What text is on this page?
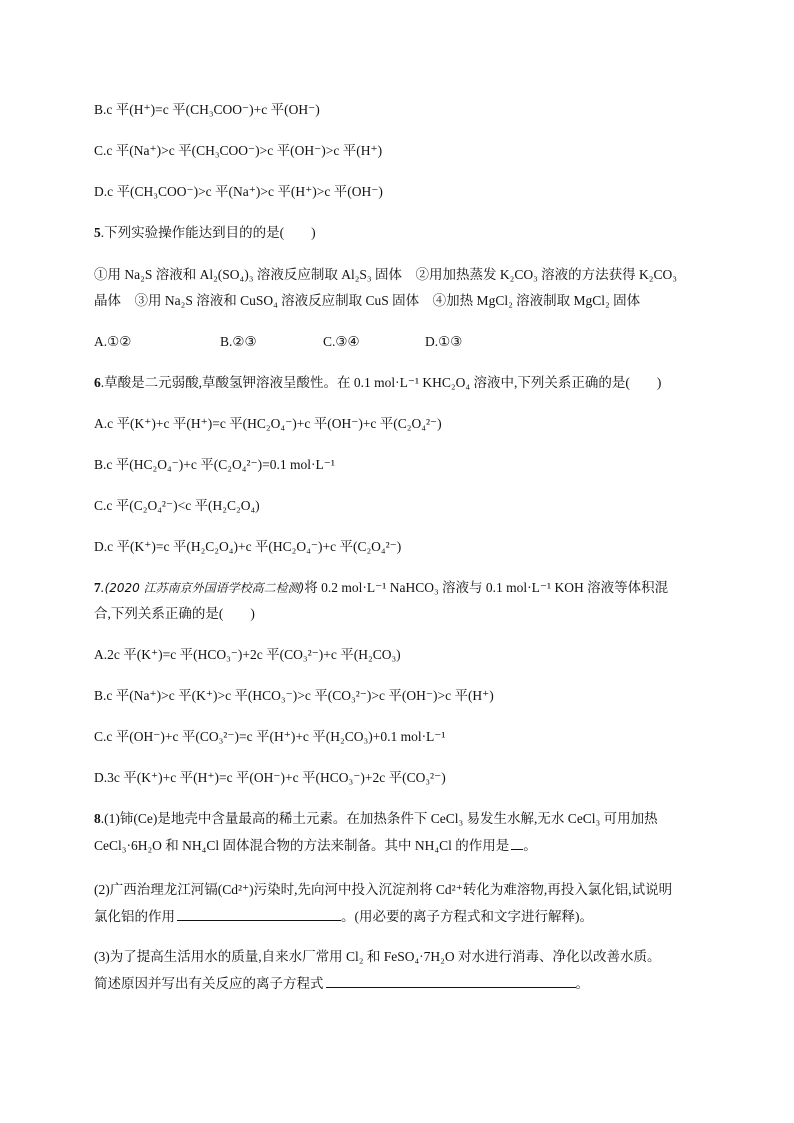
B.c 平(H⁺)=c 平(CH₃COO⁻)+c 平(OH⁻)
C.c 平(Na⁺)>c 平(CH₃COO⁻)>c 平(OH⁻)>c 平(H⁺)
D.c 平(CH₃COO⁻)>c 平(Na⁺)>c 平(H⁺)>c 平(OH⁻)
5.下列实验操作能达到目的的是(　　)
①用 Na₂S 溶液和 Al₂(SO₄)₃ 溶液反应制取 Al₂S₃ 固体　②用加热蒸发 K₂CO₃ 溶液的方法获得 K₂CO₃
晶体　③用 Na₂S 溶液和 CuSO₄ 溶液反应制取 CuS 固体　④加热 MgCl₂ 溶液制取 MgCl₂ 固体
A.①②	B.②③	C.③④	D.①③
6.草酸是二元弱酸,草酸氢钾溶液呈酸性。在 0.1 mol·L⁻¹ KHC₂O₄ 溶液中,下列关系正确的是(　　)
A.c 平(K⁺)+c 平(H⁺)=c 平(HC₂O₄⁻)+c 平(OH⁻)+c 平(C₂O₄²⁻)
B.c 平(HC₂O₄⁻)+c 平(C₂O₄²⁻)=0.1 mol·L⁻¹
C.c 平(C₂O₄²⁻)<c 平(H₂C₂O₄)
D.c 平(K⁺)=c 平(H₂C₂O₄)+c 平(HC₂O₄⁻)+c 平(C₂O₄²⁻)
7.(2020 江苏南京外国语学校高二检测)将 0.2 mol·L⁻¹ NaHCO₃ 溶液与 0.1 mol·L⁻¹ KOH 溶液等体积混
合,下列关系正确的是(　　)
A.2c 平(K⁺)=c 平(HCO₃⁻)+2c 平(CO₃²⁻)+c 平(H₂CO₃)
B.c 平(Na⁺)>c 平(K⁺)>c 平(HCO₃⁻)>c 平(CO₃²⁻)>c 平(OH⁻)>c 平(H⁺)
C.c 平(OH⁻)+c 平(CO₃²⁻)=c 平(H⁺)+c 平(H₂CO₃)+0.1 mol·L⁻¹
D.3c 平(K⁺)+c 平(H⁺)=c 平(OH⁻)+c 平(HCO₃⁻)+2c 平(CO₃²⁻)
8.(1)铈(Ce)是地壳中含量最高的稀土元素。在加热条件下 CeCl₃ 易发生水解,无水 CeCl₃ 可用加热
CeCl₃·6H₂O 和 NH₄Cl 固体混合物的方法来制备。其中 NH₄Cl 的作用是 。
(2)广西治理龙江河镉(Cd²⁺)污染时,先向河中投入沉淀剂将 Cd²⁺转化为难溶物,再投入氯化铝,试说明
氯化铝的作用	。(用必要的离子方程式和文字进行解释)。
(3)为了提高生活用水的质量,自来水厂常用 Cl₂ 和 FeSO₄·7H₂O 对水进行消毒、净化以改善水质。
简述原因并写出有关反应的离子方程式	。
